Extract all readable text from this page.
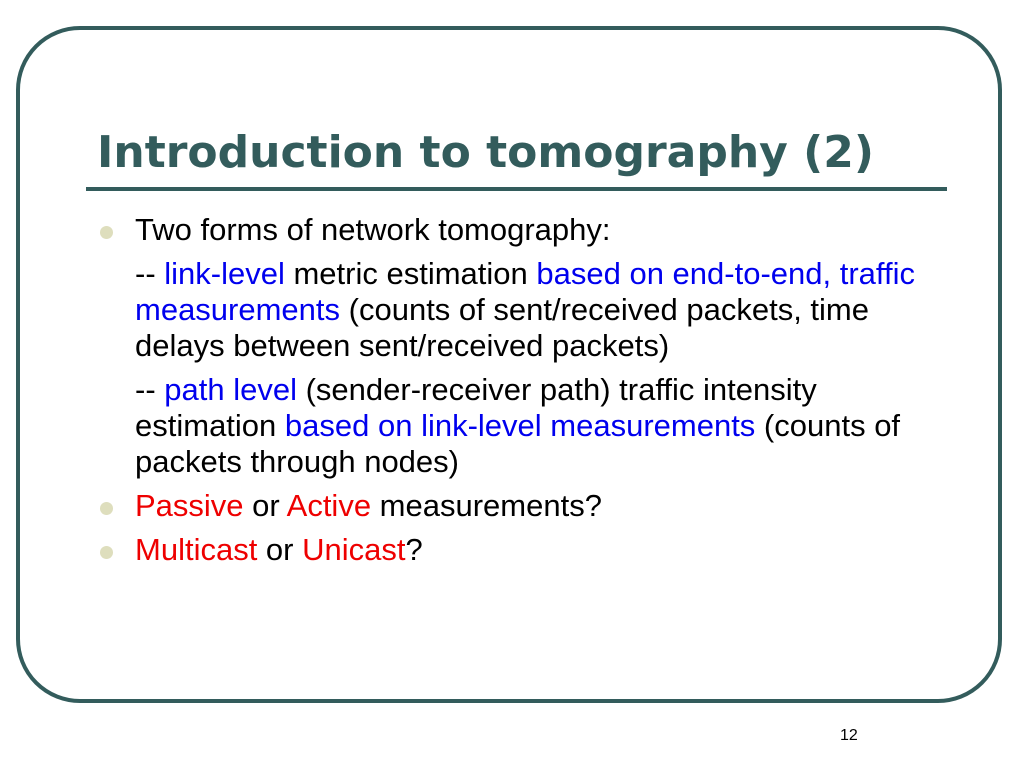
Introduction to tomography (2)
Two forms of network tomography:

-- link-level metric estimation based on end-to-end, traffic measurements (counts of sent/received packets, time delays between sent/received packets)

-- path level (sender-receiver path) traffic intensity estimation based on link-level measurements (counts of packets through nodes)

Passive or Active measurements?
Multicast or Unicast?
12
